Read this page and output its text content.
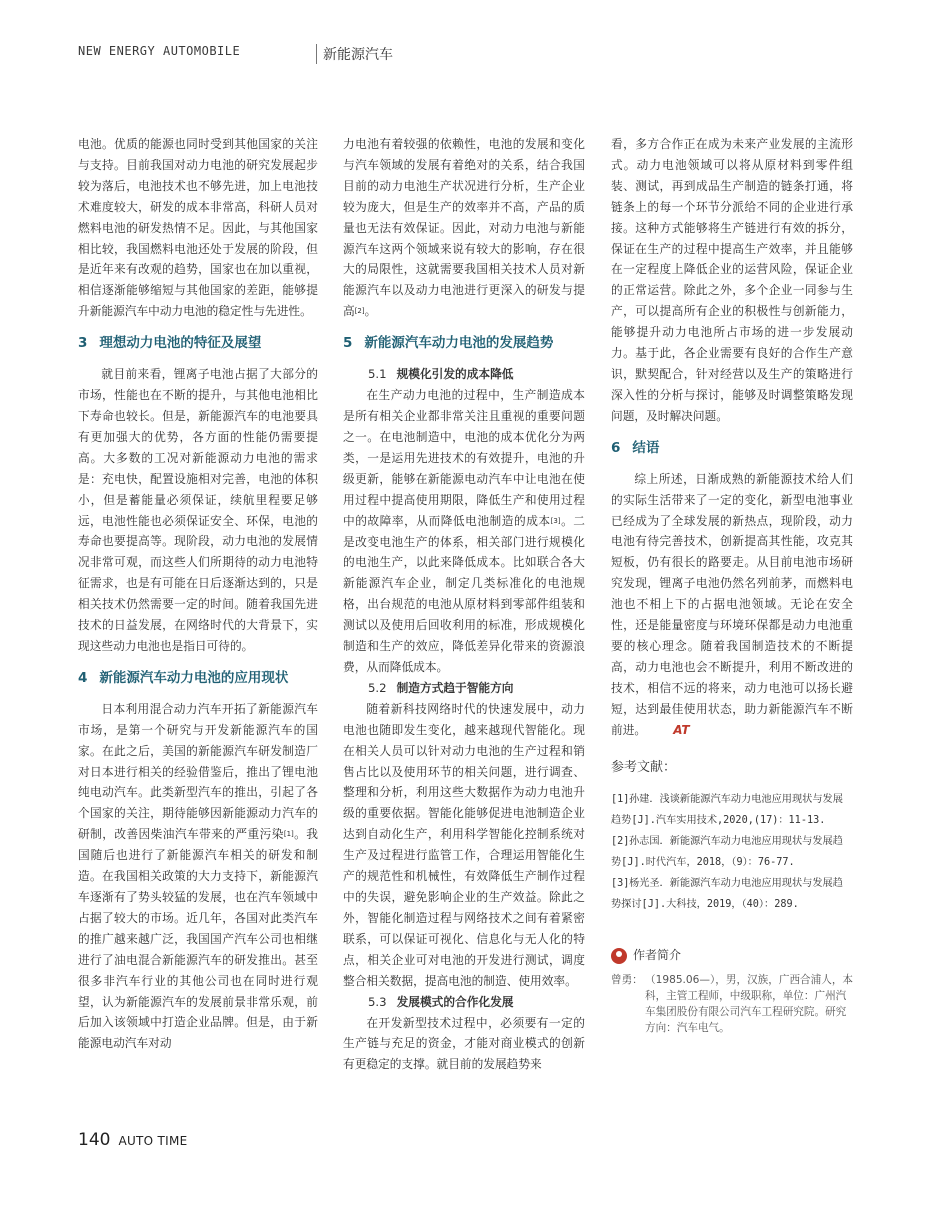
NEW ENERGY AUTOMOBILE	新能源汽车

电池。优质的能源也同时受到其他国家的关注与支持。目前我国对动力电池的研究发展起步较为落后，电池技术也不够先进，加上电池技术难度较大，研发的成本非常高，科研人员对燃料电池的研发热情不足。因此，与其他国家相比较，我国燃料电池还处于发展的阶段，但是近年来有改观的趋势，国家也在加以重视，相信逐渐能够缩短与其他国家的差距，能够提升新能源汽车中动力电池的稳定性与先进性。

3 理想动力电池的特征及展望

就目前来看，锂离子电池占据了大部分的市场，性能也在不断的提升，与其他电池相比下寿命也较长。但是，新能源汽车的电池要具有更加强大的优势，各方面的性能仍需要提高。大多数的工况对新能源动力电池的需求是：充电快，配置设施相对完善，电池的体积小，但是蓄能量必须保证，续航里程要足够远，电池性能也必须保证安全、环保，电池的寿命也要提高等。现阶段，动力电池的发展情况非常可观，而这些人们所期待的动力电池特征需求，也是有可能在日后逐渐达到的，只是相关技术仍然需要一定的时间。随着我国先进技术的日益发展，在网络时代的大背景下，实现这些动力电池也是指日可待的。

4 新能源汽车动力电池的应用现状

日本利用混合动力汽车开拓了新能源汽车市场，是第一个研究与开发新能源汽车的国家。在此之后，美国的新能源汽车研发制造厂对日本进行相关的经验借鉴后，推出了锂电池纯电动汽车。此类新型汽车的推出，引起了各个国家的关注，期待能够因新能源动力汽车的研制，改善因柴油汽车带来的严重污染[1]。我国随后也进行了新能源汽车相关的研发和制造。在我国相关政策的大力支持下，新能源汽车逐渐有了势头较猛的发展，也在汽车领域中占据了较大的市场。近几年，各国对此类汽车的推广越来越广泛，我国国产汽车公司也相继进行了油电混合新能源汽车的研发推出。甚至很多非汽车行业的其他公司也在同时进行观望，认为新能源汽车的发展前景非常乐观，前后加入该领域中打造企业品牌。但是，由于新能源电动汽车对动

力电池有着较强的依赖性，电池的发展和变化与汽车领域的发展有着绝对的关系，结合我国目前的动力电池生产状况进行分析，生产企业较为庞大，但是生产的效率并不高，产品的质量也无法有效保证。因此，对动力电池与新能源汽车这两个领域来说有较大的影响，存在很大的局限性，这就需要我国相关技术人员对新能源汽车以及动力电池进行更深入的研发与提高[2]。

5 新能源汽车动力电池的发展趋势
5.1 规模化引发的成本降低

在生产动力电池的过程中，生产制造成本是所有相关企业都非常关注且重视的重要问题之一。在电池制造中，电池的成本优化分为两类，一是运用先进技术的有效提升，电池的升级更新，能够在新能源电动汽车中让电池在使用过程中提高使用期限，降低生产和使用过程中的故障率，从而降低电池制造的成本[3]。二是改变电池生产的体系，相关部门进行规模化的电池生产，以此来降低成本。比如联合各大新能源汽车企业，制定几类标准化的电池规格，出台规范的电池从原材料到零部件组装和测试以及使用后回收利用的标准，形成规模化制造和生产的效应，降低差异化带来的资源浪费，从而降低成本。

5.2 制造方式趋于智能方向

随着新科技网络时代的快速发展中，动力电池也随即发生变化，越来越现代智能化。现在相关人员可以针对动力电池的生产过程和销售占比以及使用环节的相关问题，进行调查、整理和分析，利用这些大数据作为动力电池升级的重要依据。智能化能够促进电池制造企业达到自动化生产，利用科学智能化控制系统对生产及过程进行监管工作，合理运用智能化生产的规范性和机械性，有效降低生产制作过程中的失误，避免影响企业的生产效益。除此之外，智能化制造过程与网络技术之间有着紧密联系，可以保证可视化、信息化与无人化的特点，相关企业可对电池的开发进行测试，调度整合相关数据，提高电池的制造、使用效率。

5.3 发展模式的合作化发展

在开发新型技术过程中，必须要有一定的生产链与充足的资金，才能对商业模式的创新有更稳定的支撑。就目前的发展趋势来

看，多方合作正在成为未来产业发展的主流形式。动力电池领域可以将从原材料到零件组装、测试，再到成品生产制造的链条打通，将链条上的每一个环节分派给不同的企业进行承接。这种方式能够将生产链进行有效的拆分，保证在生产的过程中提高生产效率，并且能够在一定程度上降低企业的运营风险，保证企业的正常运营。除此之外，多个企业一同参与生产，可以提高所有企业的积极性与创新能力，能够提升动力电池所占市场的进一步发展动力。基于此，各企业需要有良好的合作生产意识，默契配合，针对经营以及生产的策略进行深入性的分析与探讨，能够及时调整策略发现问题，及时解决问题。

6 结语

综上所述，日渐成熟的新能源技术给人们的实际生活带来了一定的变化，新型电池事业已经成为了全球发展的新热点，现阶段，动力电池有待完善技术，创新提高其性能，攻克其短板，仍有很长的路要走。从目前电池市场研究发现，锂离子电池仍然名列前茅，而燃料电池也不相上下的占据电池领域。无论在安全性，还是能量密度与环境环保都是动力电池重要的核心理念。随着我国制造技术的不断提高，动力电池也会不断提升，利用不断改进的技术，相信不远的将来，动力电池可以扬长避短，达到最佳使用状态，助力新能源汽车不断前进。 AT

参考文献：
[1]孙建．浅谈新能源汽车动力电池应用现状与发展趋势[J].汽车实用技术,2020,(17)：11-13.
[2]孙志国．新能源汽车动力电池应用现状与发展趋势[J].时代汽车，2018，（9）：76-77.
[3]杨光圣．新能源汽车动力电池应用现状与发展趋势探讨[J].大科技，2019，（40）：289.
作者简介
曾勇： （1985.06—），男，汉族，广西合浦人，本科，主管工程师，中级职称，单位：广州汽车集团股份有限公司汽车工程研究院。研究方向：汽车电气。
140 AUTO TIME
